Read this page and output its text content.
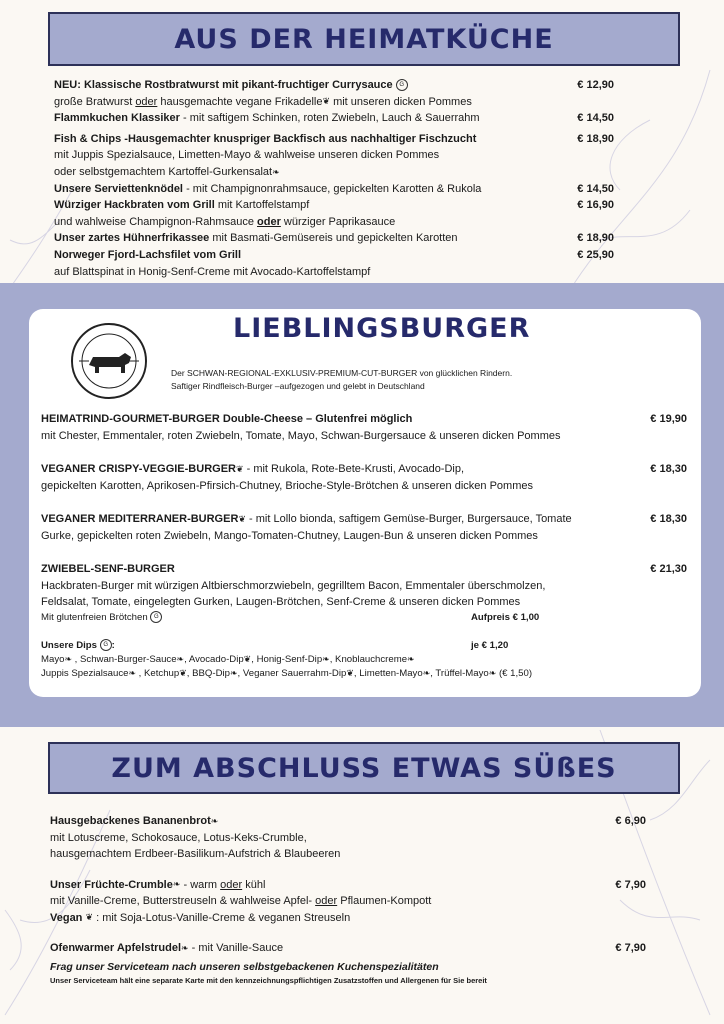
AUS DER HEIMATKÜCHE
NEU: Klassische Rostbratwurst mit pikant-fruchtiger Currysauce G	€ 12,90

große Bratwurst oder hausgemachte vegane Frikadelle❦ mit unseren dicken Pommes
Flammkuchen Klassiker - mit saftigem Schinken, roten Zwiebeln, Lauch & Sauerrahm	€ 14,50
Fish & Chips -Hausgemachter knuspriger Backfisch aus nachhaltiger Fischzucht	€ 18,90

mit Juppis Spezialsauce, Limetten-Mayo & wahlweise unseren dicken Pommes
oder selbstgemachtem Kartoffel-Gurkensalat❧
Unsere Serviettenknödel - mit Champignonrahmsauce, gepickelten Karotten & Rukola	€ 14,50
Würziger Hackbraten vom Grill mit Kartoffelstampf	€ 16,90

und wahlweise Champignon-Rahmsauce oder würziger Paprikasauce
Unser zartes Hühnerfrikassee mit Basmati-Gemüsereis und gepickelten Karotten	€ 18,90
Norweger Fjord-Lachsfilet vom Grill	€ 25,90

auf Blattspinat in Honig-Senf-Creme mit Avocado-Kartoffelstampf
LIEBLINGSBURGER
Der SCHWAN-REGIONAL-EXKLUSIV-PREMIUM-CUT-BURGER von glücklichen Rindern.
Saftiger Rindfleisch-Burger –aufgezogen und gelebt in Deutschland
HEIMATRIND-GOURMET-BURGER Double-Cheese – Glutenfrei möglich	€ 19,90

mit Chester, Emmentaler, roten Zwiebeln, Tomate, Mayo, Schwan-Burgersauce & unseren dicken Pommes
VEGANER CRISPY-VEGGIE-BURGER❦ - mit Rukola, Rote-Bete-Krusti, Avocado-Dip,	€ 18,30

gepickelten Karotten, Aprikosen-Pfirsich-Chutney, Brioche-Style-Brötchen & unseren dicken Pommes
VEGANER MEDITERRANER-BURGER❦ - mit Lollo bionda, saftigem Gemüse-Burger, Burgersauce, Tomate	€ 18,30

Gurke, gepickelten roten Zwiebeln, Mango-Tomaten-Chutney, Laugen-Bun & unseren dicken Pommes
ZWIEBEL-SENF-BURGER	€ 21,30

Hackbraten-Burger mit würzigen Altbierschmorzwiebeln, gegrilltem Bacon, Emmentaler überschmolzen,
Feldsalat, Tomate, eingelegten Gurken, Laugen-Brötchen, Senf-Creme & unseren dicken Pommes
Mit glutenfreien Brötchen G	Aufpreis € 1,00
Unsere Dips G :	je € 1,20
Mayo❧ , Schwan-Burger-Sauce❧, Avocado-Dip❦, Honig-Senf-Dip❧, Knoblauchcreme❧
Juppis Spezialsauce❧ , Ketchup❦, BBQ-Dip❧, Veganer Sauerrahm-Dip❦, Limetten-Mayo❧, Trüffel-Mayo❧ (€ 1,50)
ZUM ABSCHLUSS ETWAS SÜßES
Hausgebackenes Bananenbrot❧	€ 6,90

mit Lotuscreme, Schokosauce, Lotus-Keks-Crumble,
hausgemachtem Erdbeer-Basilikum-Aufstrich & Blaubeeren
Unser Früchte-Crumble❧ - warm oder kühl	€ 7,90

mit Vanille-Creme, Butterstreuseln & wahlweise Apfel- oder Pflaumen-Kompott
Vegan ❦ : mit Soja-Lotus-Vanille-Creme & veganen Streuseln
Ofenwarmer Apfelstrudel❧ - mit Vanille-Sauce	€ 7,90
Frag unser Serviceteam nach unseren selbstgebackenen Kuchenspezialitäten
Unser Serviceteam hält eine separate Karte mit den kennzeichnungspflichtigen Zusatzstoffen und Allergenen für Sie bereit
